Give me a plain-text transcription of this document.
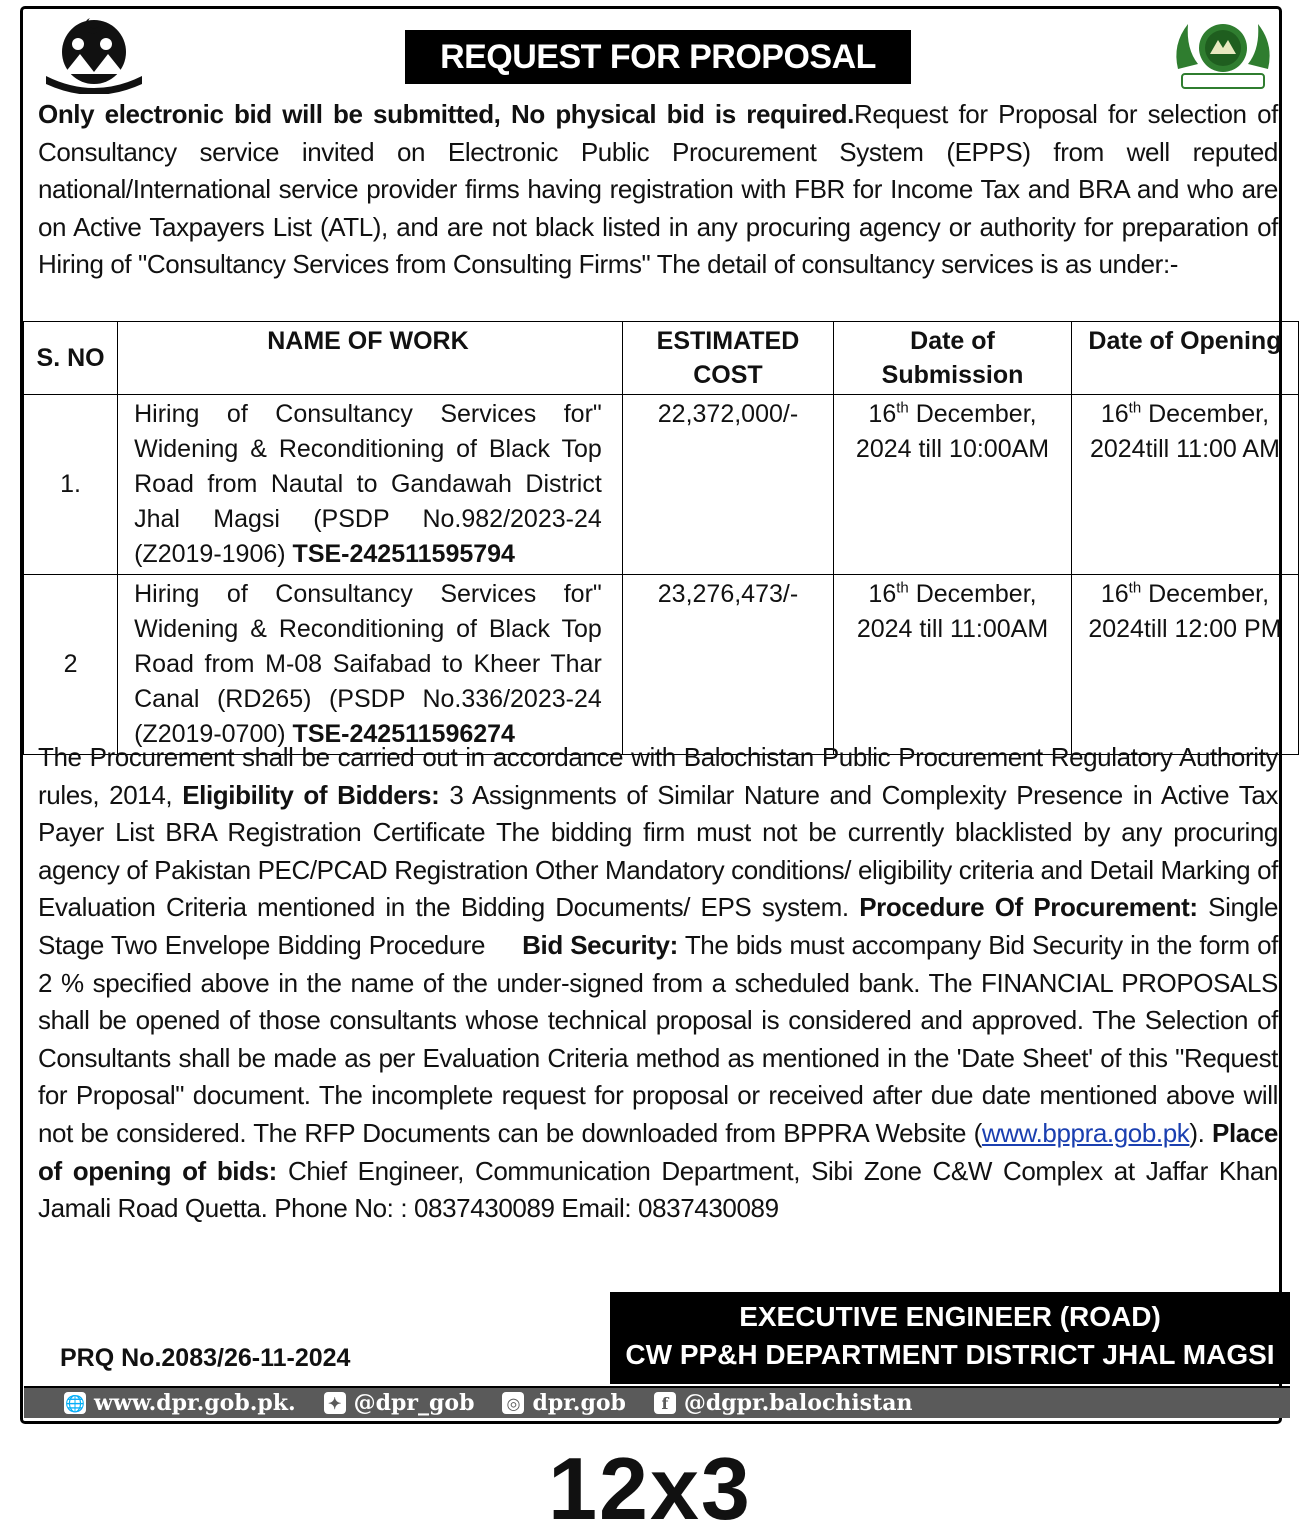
REQUEST FOR PROPOSAL
Only electronic bid will be submitted, No physical bid is required.Request for Proposal for selection of Consultancy service invited on Electronic Public Procurement System (EPPS) from well reputed national/International service provider firms having registration with FBR for Income Tax and BRA and who are on Active Taxpayers List (ATL), and are not black listed in any procuring agency or authority for preparation of Hiring of "Consultancy Services from Consulting Firms" The detail of consultancy services is as under:-
S. NO	NAME OF WORK	ESTIMATED COST	Date of Submission	Date of Opening
1.	Hiring of Consultancy Services for" Widening & Reconditioning of Black Top Road from Nautal to Gandawah District Jhal Magsi (PSDP No.982/2023-24 (Z2019-1906) TSE-242511595794	22,372,000/-	16th December, 2024 till 10:00AM	16th December, 2024till 11:00 AM
2	Hiring of Consultancy Services for" Widening & Reconditioning of Black Top Road from M-08 Saifabad to Kheer Thar Canal (RD265) (PSDP No.336/2023-24 (Z2019-0700) TSE-242511596274	23,276,473/-	16th December, 2024 till 11:00AM	16th December, 2024till 12:00 PM
The Procurement shall be carried out in accordance with Balochistan Public Procurement Regulatory Authority rules, 2014, Eligibility of Bidders: 3 Assignments of Similar Nature and Complexity Presence in Active Tax Payer List BRA Registration Certificate The bidding firm must not be currently blacklisted by any procuring agency of Pakistan PEC/PCAD Registration Other Mandatory conditions/ eligibility criteria and Detail Marking of Evaluation Criteria mentioned in the Bidding Documents/ EPS system. Procedure Of Procurement: Single Stage Two Envelope Bidding Procedure Bid Security: The bids must accompany Bid Security in the form of 2 % specified above in the name of the under-signed from a scheduled bank. The FINANCIAL PROPOSALS shall be opened of those consultants whose technical proposal is considered and approved. The Selection of Consultants shall be made as per Evaluation Criteria method as mentioned in the 'Date Sheet' of this "Request for Proposal" document. The incomplete request for proposal or received after due date mentioned above will not be considered. The RFP Documents can be downloaded from BPPRA Website (www.bppra.gob.pk). Place of opening of bids: Chief Engineer, Communication Department, Sibi Zone C&W Complex at Jaffar Khan Jamali Road Quetta. Phone No: : 0837430089 Email: 0837430089
PRQ No.2083/26-11-2024
EXECUTIVE ENGINEER (ROAD)
CW PP&H DEPARTMENT DISTRICT JHAL MAGSI
🌐 www.dpr.gob.pk. ✦ @dpr_gob ◎ dpr.gob	f @dgpr.balochistan
12x3
